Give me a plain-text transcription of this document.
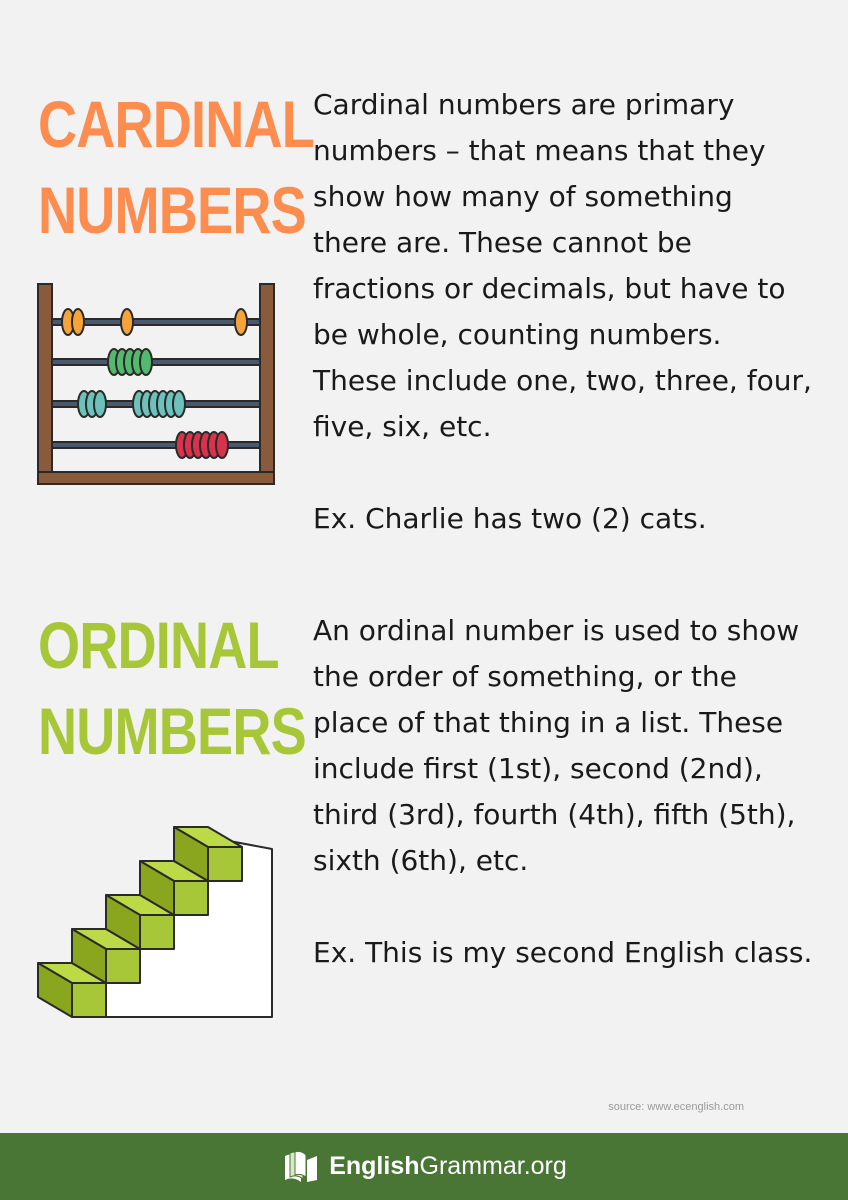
CARDINAL
NUMBERS

Cardinal numbers are primary numbers – that means that they show how many of something there are. These cannot be fractions or decimals, but have to be whole, counting numbers. These include one, two, three, four, five, six, etc.

Ex. Charlie has two (2) cats.

ORDINAL
NUMBERS

An ordinal number is used to show the order of something, or the place of that thing in a list. These include first (1st), second (2nd), third (3rd), fourth (4th), fifth (5th), sixth (6th), etc.

Ex. This is my second English class.

source: www.ecenglish.com
English Grammar.org
